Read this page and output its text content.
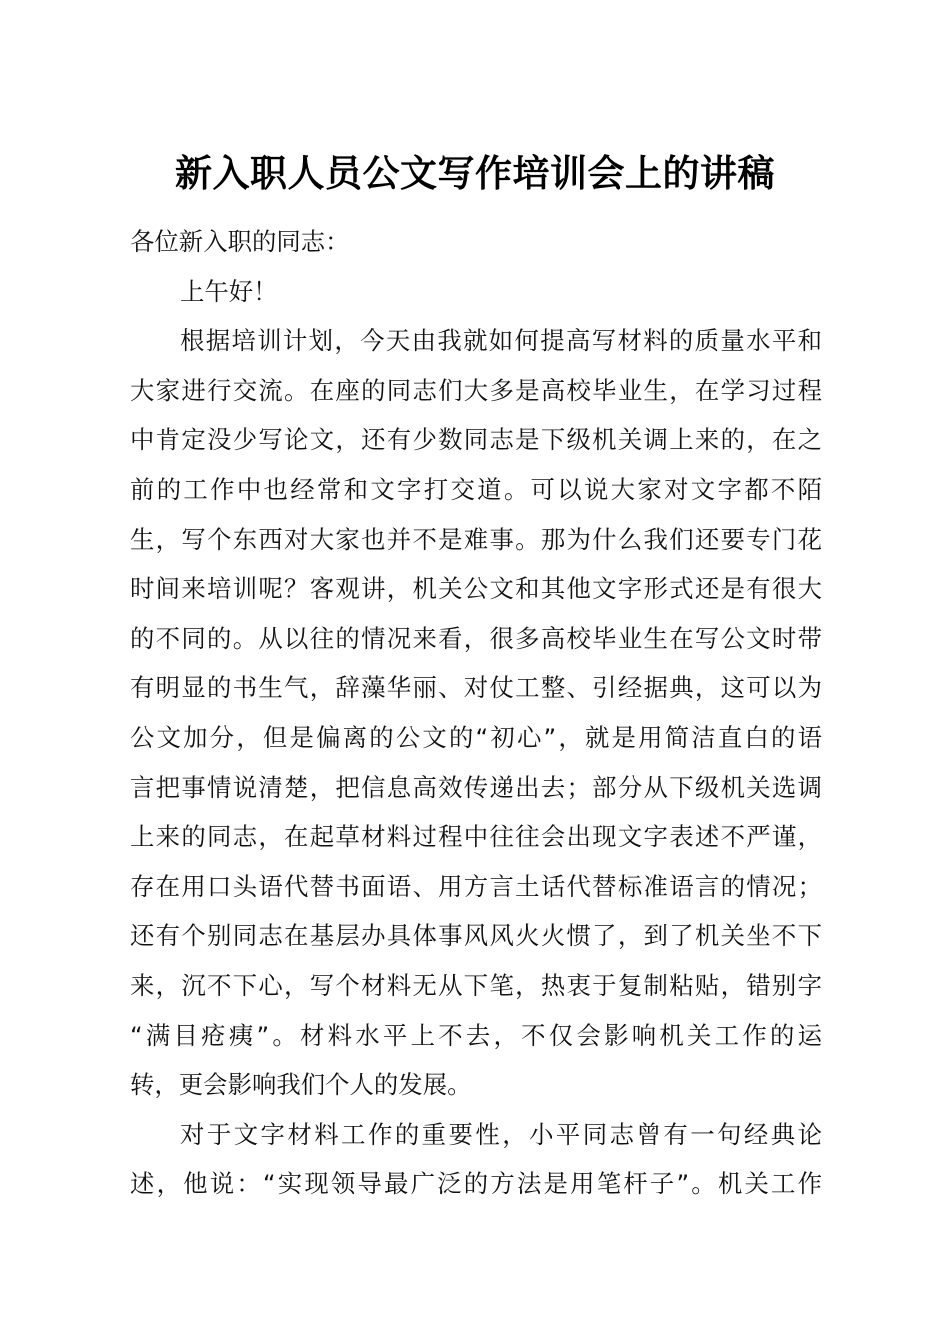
新入职人员公文写作培训会上的讲稿
各位新入职的同志：
上午好！
根据培训计划，今天由我就如何提高写材料的质量水平和
大家进行交流。在座的同志们大多是高校毕业生，在学习过程
中肯定没少写论文，还有少数同志是下级机关调上来的，在之
前的工作中也经常和文字打交道。可以说大家对文字都不陌
生，写个东西对大家也并不是难事。那为什么我们还要专门花
时间来培训呢？客观讲，机关公文和其他文字形式还是有很大
的不同的。从以往的情况来看，很多高校毕业生在写公文时带
有明显的书生气，辞藻华丽、对仗工整、引经据典，这可以为
公文加分，但是偏离的公文的“初心”，就是用简洁直白的语
言把事情说清楚，把信息高效传递出去；部分从下级机关选调
上来的同志，在起草材料过程中往往会出现文字表述不严谨，
存在用口头语代替书面语、用方言土话代替标准语言的情况；
还有个别同志在基层办具体事风风火火惯了，到了机关坐不下
来，沉不下心，写个材料无从下笔，热衷于复制粘贴，错别字
“满目疮痍”。材料水平上不去，不仅会影响机关工作的运
转，更会影响我们个人的发展。
对于文字材料工作的重要性，小平同志曾有一句经典论
述，他说：“实现领导最广泛的方法是用笔杆子”。机关工作
